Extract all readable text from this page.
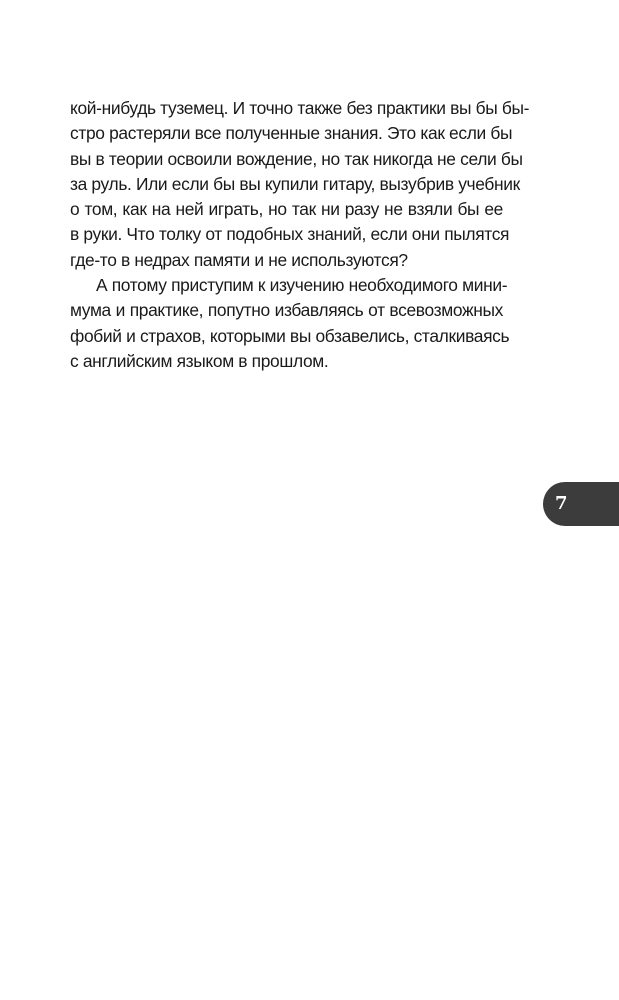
кой-нибудь туземец. И точно также без практики вы бы бы-
стро растеряли все полученные знания. Это как если бы
вы в теории освоили вождение, но так никогда не сели бы
за руль. Или если бы вы купили гитару, вызубрив учебник
о том, как на ней играть, но так ни разу не взяли бы ее
в руки. Что толку от подобных знаний, если они пылятся
где-то в недрах памяти и не используются?
А потому приступим к изучению необходимого мини-
мума и практике, попутно избавляясь от всевозможных
фобий и страхов, которыми вы обзавелись, сталкиваясь
с английским языком в прошлом.
7
